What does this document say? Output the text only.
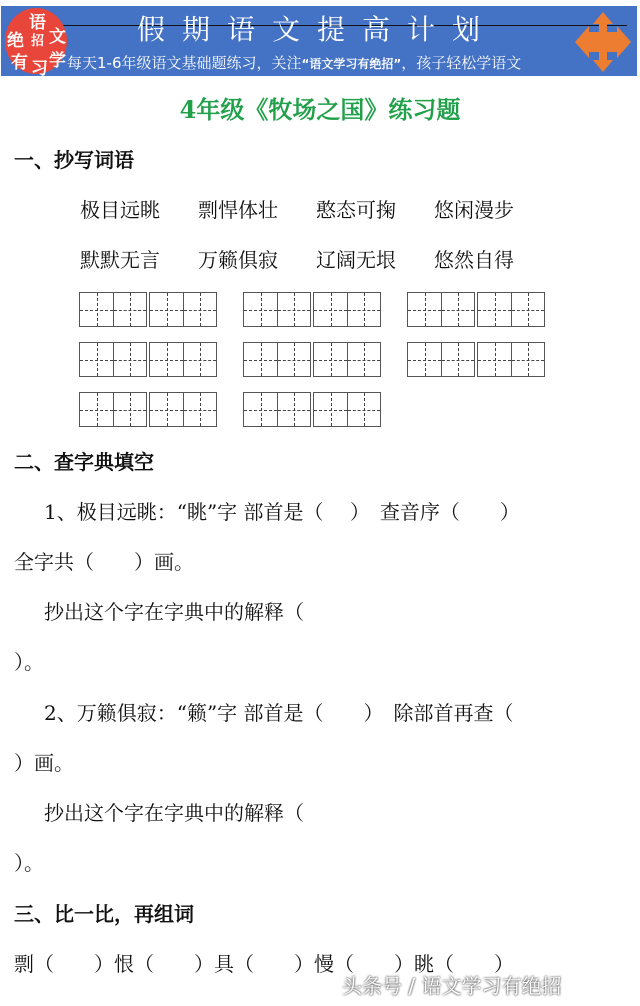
语
文
绝 招
学
有 习
假期语文提高计划
每天1-6年级语文基础题练习，关注“语文学习有绝招”，孩子轻松学语文
4年级《牧场之国》练习题
一、抄写词语
极目远眺 剽悍体壮 憨态可掬 悠闲漫步
默默无言 万籁俱寂 辽阔无垠 悠然自得
二、查字典填空
1、极目远眺：“眺”字 部首是（　 ）　查音序（　　）
全字共（　　）画。
抄出这个字在字典中的解释（
）。
2、万籁俱寂：“籁”字 部首是（　　）　除部首再查（
）画。
抄出这个字在字典中的解释（
）。
三、比一比，再组词
剽（　　）恨（　　）具（　　）慢（　　）眺（　　）
头条号 / 语文学习有绝招
